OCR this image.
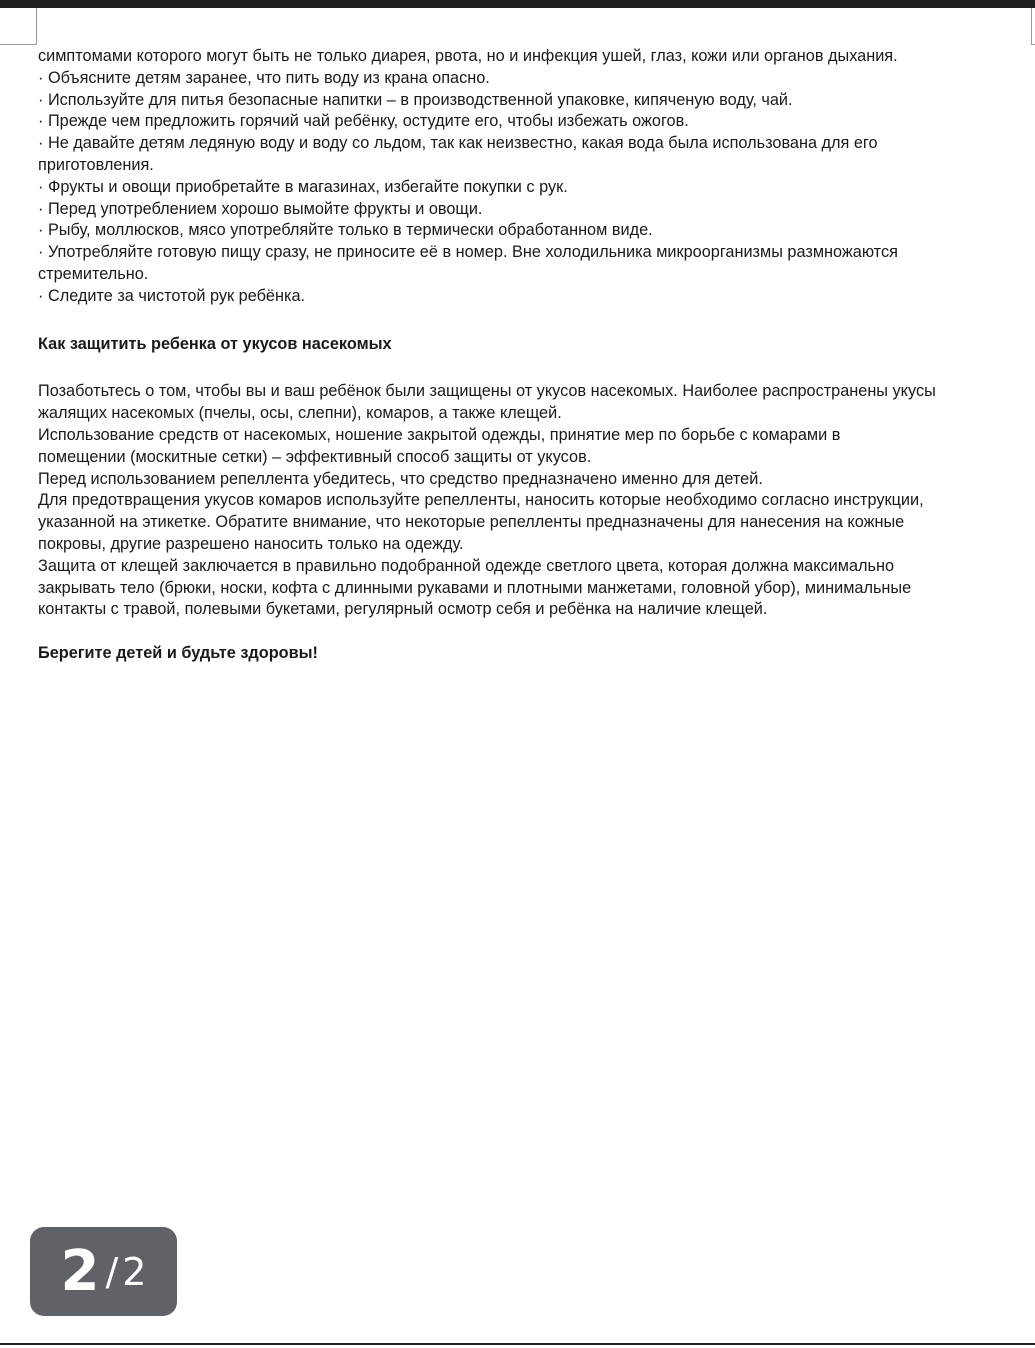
симптомами которого могут быть не только диарея, рвота, но и инфекция ушей, глаз, кожи или органов дыхания.
· Объясните детям заранее, что пить воду из крана опасно.
· Используйте для питья безопасные напитки – в производственной упаковке, кипяченую воду, чай.
· Прежде чем предложить горячий чай ребёнку, остудите его, чтобы избежать ожогов.
· Не давайте детям ледяную воду и воду со льдом, так как неизвестно, какая вода была использована для его
приготовления.
· Фрукты и овощи приобретайте в магазинах, избегайте покупки с рук.
· Перед употреблением хорошо вымойте фрукты и овощи.
· Рыбу, моллюсков, мясо употребляйте только в термически обработанном виде.
· Употребляйте готовую пищу сразу, не приносите её в номер. Вне холодильника микроорганизмы размножаются
стремительно.
· Следите за чистотой рук ребёнка.
Как защитить ребенка от укусов насекомых
Позаботьтесь о том, чтобы вы и ваш ребёнок были защищены от укусов насекомых. Наиболее распространены укусы
жалящих насекомых (пчелы, осы, слепни), комаров, а также клещей.
Использование средств от насекомых, ношение закрытой одежды, принятие мер по борьбе с комарами в
помещении (москитные сетки) – эффективный способ защиты от укусов.
Перед использованием репеллента убедитесь, что средство предназначено именно для детей.
Для предотвращения укусов комаров используйте репелленты, наносить которые необходимо согласно инструкции,
указанной на этикетке. Обратите внимание, что некоторые репелленты предназначены для нанесения на кожные
покровы, другие разрешено наносить только на одежду.
Защита от клещей заключается в правильно подобранной одежде светлого цвета, которая должна максимально
закрывать тело (брюки, носки, кофта с длинными рукавами и плотными манжетами, головной убор), минимальные
контакты с травой, полевыми букетами, регулярный осмотр себя и ребёнка на наличие клещей.
Берегите детей и будьте здоровы!
2 / 2
